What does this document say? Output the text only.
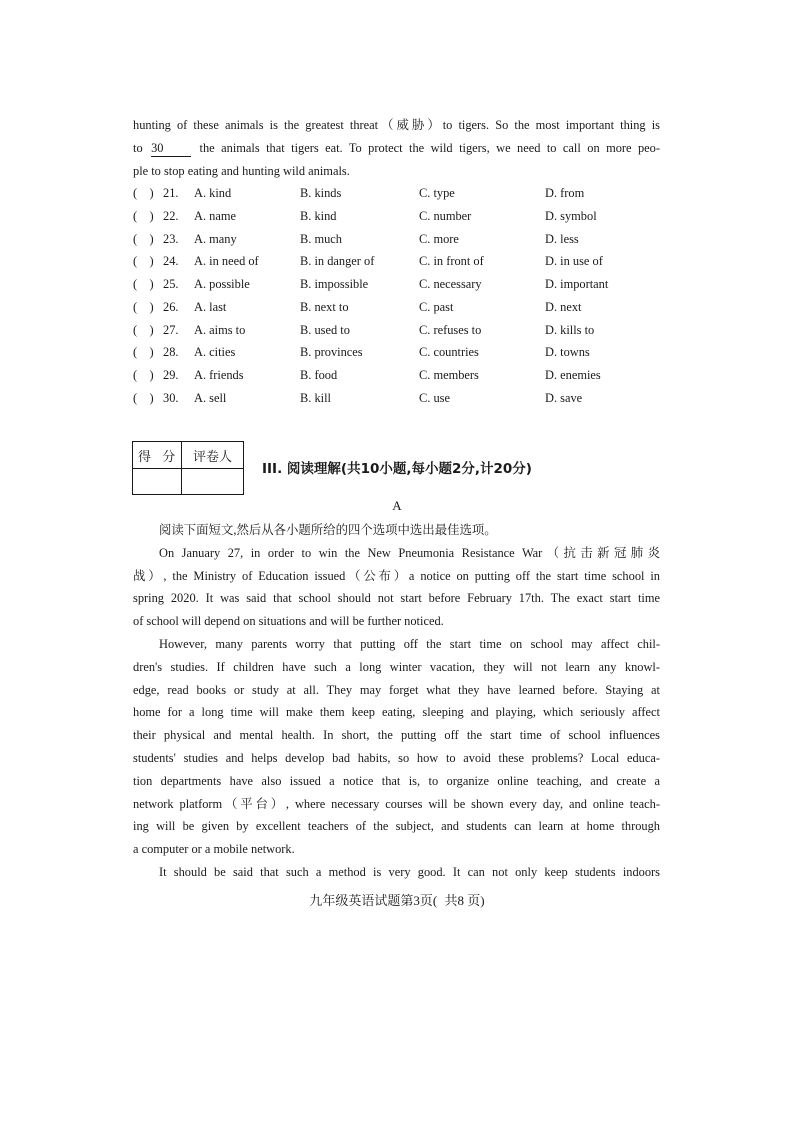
hunting of these animals is the greatest threat（威胁）to tigers. So the most important thing is
to 30	the animals that tigers eat. To protect the wild tigers, we need to call on more peo-
ple to stop eating and hunting wild animals.
(　) 21. A. kind	B. kinds	C. type	D. from
(　) 22. A. name	B. kind	C. number	D. symbol
(　) 23. A. many	B. much	C. more	D. less
(　) 24. A. in need of	B. in danger of	C. in front of	D. in use of
(　) 25. A. possible	B. impossible	C. necessary	D. important
(　) 26. A. last	B. next to	C. past	D. next
(　) 27. A. aims to	B. used to	C. refuses to	D. kills to
(　) 28. A. cities	B. provinces	C. countries	D. towns
(　) 29. A. friends	B. food	C. members	D. enemies
(　) 30. A. sell	B. kill	C. use	D. save
得 分 评卷人
III. 阅读理解(共10小题,每小题2分,计20分)
A
阅读下面短文,然后从各小题所给的四个选项中选出最佳选项。
On January 27, in order to win the New Pneumonia Resistance War（抗击新冠肺炎
战）, the Ministry of Education issued（公布）a notice on putting off the start time school in
spring 2020. It was said that school should not start before February 17th. The exact start time
of school will depend on situations and will be further noticed.
However, many parents worry that putting off the start time on school may affect chil-
dren's studies. If children have such a long winter vacation, they will not learn any knowl-
edge, read books or study at all. They may forget what they have learned before. Staying at
home for a long time will make them keep eating, sleeping and playing, which seriously affect
their physical and mental health. In short, the putting off the start time of school influences
students' studies and helps develop bad habits, so how to avoid these problems? Local educa-
tion departments have also issued a notice that is, to organize online teaching, and create a
network platform（平台）, where necessary courses will be shown every day, and online teach-
ing will be given by excellent teachers of the subject, and students can learn at home through
a computer or a mobile network.
It should be said that such a method is very good. It can not only keep students indoors
九年级英语试题第3页( 共8 页)
